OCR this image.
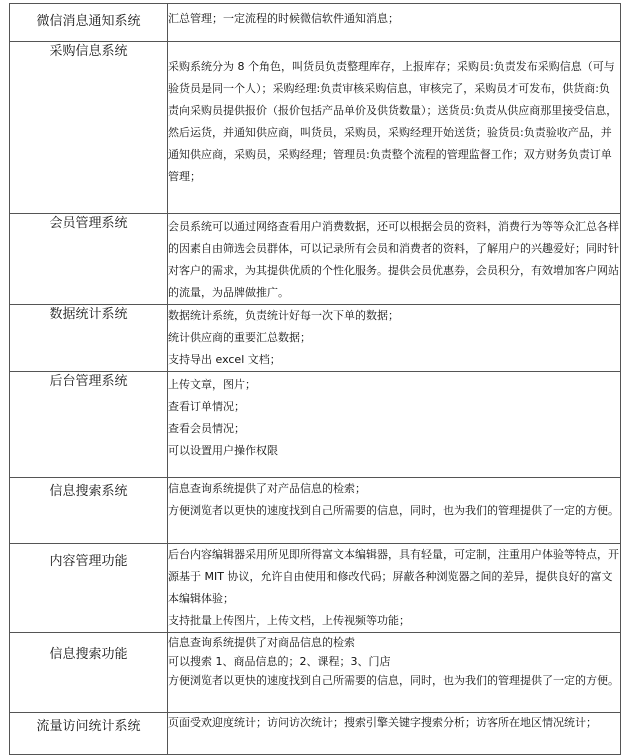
微信消息通知系统	汇总管理；一定流程的时候微信软件通知消息；

采购信息系统	采购系统分为 8 个角色，叫货员负责整理库存，上报库存；采购员:负责发布采购信息（可与验货员是同一个人）；采购经理:负责审核采购信息，审核完了，采购员才可发布，供货商:负责向采购员提供报价（报价包括产品单价及供货数量）；送货员:负责从供应商那里接受信息，然后运货，并通知供应商，叫货员，采购员，采购经理开始送货；验货员:负责验收产品，并通知供应商，采购员，采购经理；管理员:负责整个流程的管理监督工作；双方财务负责订单管理；

会员管理系统	会员系统可以通过网络查看用户消费数据，还可以根据会员的资料，消费行为等等众汇总各样的因素自由筛选会员群体，可以记录所有会员和消费者的资料，了解用户的兴趣爱好；同时针对客户的需求，为其提供优质的个性化服务。提供会员优惠券，会员积分，有效增加客户网站的流量，为品牌做推广。

数据统计系统	数据统计系统，负责统计好每一次下单的数据；
统计供应商的重要汇总数据；
支持导出 excel 文档；

后台管理系统	上传文章，图片；
查看订单情况；
查看会员情况；
可以设置用户操作权限

信息搜索系统	信息查询系统提供了对产品信息的检索；
方便浏览者以更快的速度找到自己所需要的信息，同时，也为我们的管理提供了一定的方便。

内容管理功能	后台内容编辑器采用所见即所得富文本编辑器，具有轻量，可定制，注重用户体验等特点，开源基于 MIT 协议，允许自由使用和修改代码；屏蔽各种浏览器之间的差异，提供良好的富文本编辑体验；
支持批量上传图片，上传文档，上传视频等功能；

信息搜索功能	信息查询系统提供了对商品信息的检索
可以搜索 1、商品信息的；2、课程；3、门店
方便浏览者以更快的速度找到自己所需要的信息，同时，也为我们的管理提供了一定的方便。

流量访问统计系统	页面受欢迎度统计；访问访次统计；搜索引擎关键字搜索分析；访客所在地区情况统计；
